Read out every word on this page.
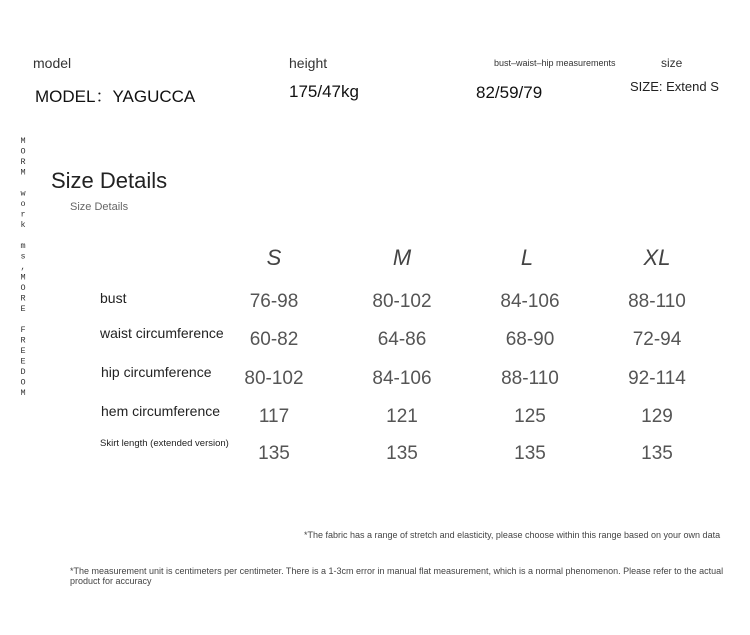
model	height	bust–waist–hip measurements	size
MODEL：YAGUCCA	175/47kg	82/59/79	SIZE: Extend S
MORM work ms,MORE FREEDOM Size Details
Size Details
S	M	L	XL
bust	76-98	80-102	84-106	88-110
waist circumference	60-82	64-86	68-90	72-94
hip circumference	80-102	84-106	88-110	92-114
hem circumference	117	121	125	129
Skirt length (extended version)	135	135	135	135
*The fabric has a range of stretch and elasticity, please choose within this range based on your own data
*The measurement unit is centimeters per centimeter. There is a 1-3cm error in manual flat measurement, which is a normal phenomenon. Please refer to the actual product for accuracy
